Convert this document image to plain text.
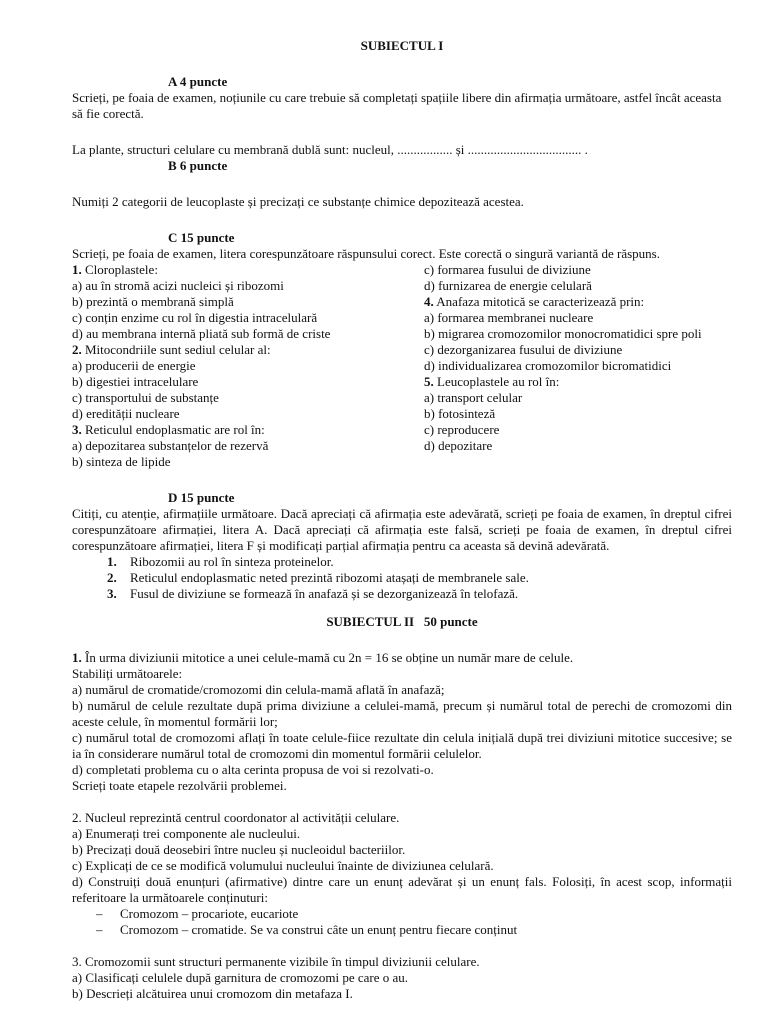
SUBIECTUL I
A 4 puncte

Scrieți, pe foaia de examen, noțiunile cu care trebuie să completați spațiile libere din afirmația următoare, astfel încât aceasta să fie corectă.

La plante, structuri celulare cu membrană dublă sunt: nucleul, ................. și ................................... .

B 6 puncte

Numiți 2 categorii de leucoplaste și precizați ce substanțe chimice depozitează acestea.

C 15 puncte

Scrieți, pe foaia de examen, litera corespunzătoare răspunsului corect. Este corectă o singură variantă de răspuns.

1. Cloroplastele:
a) au în stromă acizi nucleici și ribozomi
b) prezintă o membrană simplă
c) conțin enzime cu rol în digestia intracelulară
d) au membrana internă pliată sub formă de criste
2. Mitocondriile sunt sediul celular al:
a) producerii de energie
b) digestiei intracelulare
c) transportului de substanțe
d) eredității nucleare
3. Reticulul endoplasmatic are rol în:
a) depozitarea substanțelor de rezervă
b) sinteza de lipide
c) formarea fusului de diviziune
d) furnizarea de energie celulară
4. Anafaza mitotică se caracterizează prin:
a) formarea membranei nucleare
b) migrarea cromozomilor monocromatidici spre poli
c) dezorganizarea fusului de diviziune
d) individualizarea cromozomilor bicromatidici
5. Leucoplastele au rol în:
a) transport celular
b) fotosinteză
c) reproducere
d) depozitare
D 15 puncte

Citiți, cu atenție, afirmațiile următoare. Dacă apreciați că afirmația este adevărată, scrieți pe foaia de examen, în dreptul cifrei corespunzătoare afirmației, litera A. Dacă apreciați că afirmația este falsă, scrieți pe foaia de examen, în dreptul cifrei corespunzătoare afirmației, litera F și modificați parțial afirmația pentru ca aceasta să devină adevărată.

1. Ribozomii au rol în sinteza proteinelor.
2. Reticulul endoplasmatic neted prezintă ribozomi atașați de membranele sale.
3. Fusul de diviziune se formează în anafază și se dezorganizează în telofază.
SUBIECTUL II   50 puncte

1. În urma diviziunii mitotice a unei celule-mamă cu 2n = 16 se obține un număr mare de celule.

Stabiliți următoarele:

a) numărul de cromatide/cromozomi din celula-mamă aflată în anafază;

b) numărul de celule rezultate după prima diviziune a celulei-mamă, precum și numărul total de perechi de cromozomi din aceste celule, în momentul formării lor;

c) numărul total de cromozomi aflați în toate celule-fiice rezultate din celula inițială după trei diviziuni mitotice succesive; se ia în considerare numărul total de cromozomi din momentul formării celulelor.

d) completati problema cu o alta cerinta propusa de voi si rezolvati-o.

Scrieți toate etapele rezolvării problemei.

2. Nucleul reprezintă centrul coordonator al activității celulare.

a) Enumerați trei componente ale nucleului.

b) Precizați două deosebiri între nucleu și nucleoidul bacteriilor.

c) Explicați de ce se modifică volumului nucleului înainte de diviziunea celulară.

d) Construiți două enunțuri (afirmative) dintre care un enunț adevărat și un enunț fals. Folosiți, în acest scop, informații referitoare la următoarele conținuturi:

– Cromozom – procariote, eucariote
– Cromozom – cromatide. Se va construi câte un enunț pentru fiecare conținut

3. Cromozomii sunt structuri permanente vizibile în timpul diviziunii celulare.

a) Clasificați celulele după garnitura de cromozomi pe care o au.

b) Descrieți alcătuirea unui cromozom din metafaza I.
